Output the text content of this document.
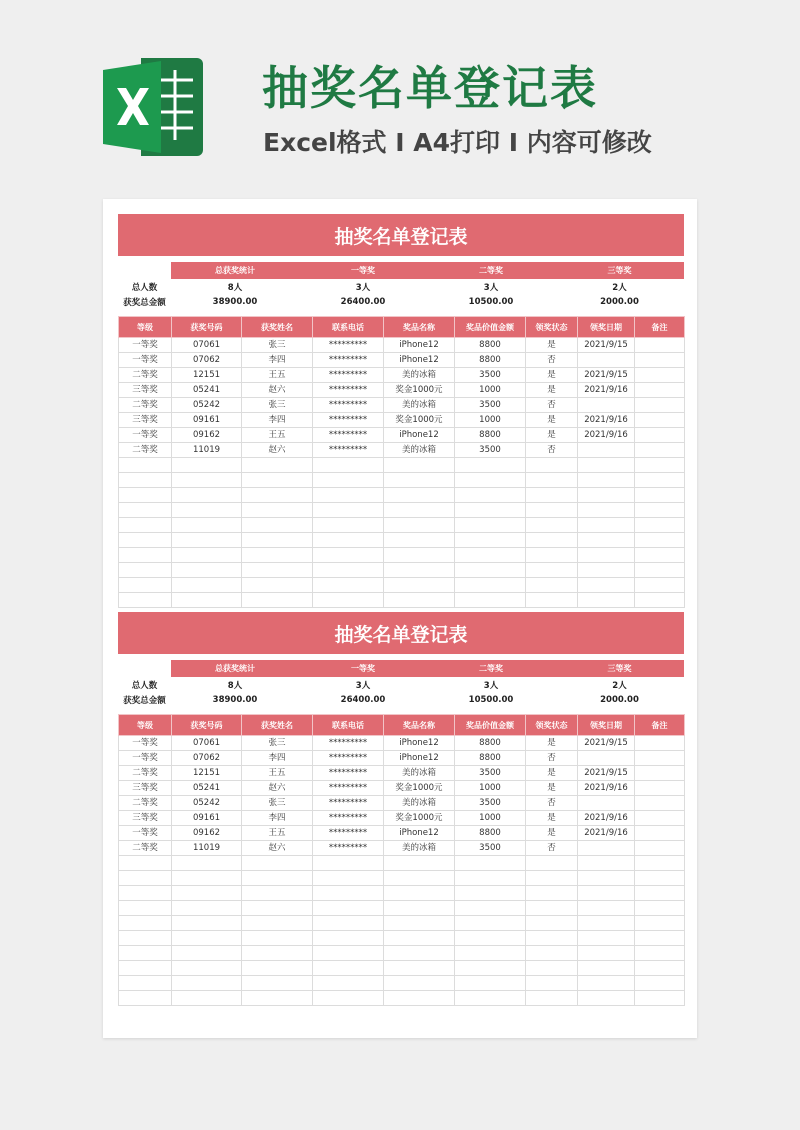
抽奖名单登记表
Excel格式 I A4打印 I 内容可修改
抽奖名单登记表
	总获奖统计	一等奖	二等奖	三等奖
总人数	8人	3人	3人	2人
获奖总金额	38900.00	26400.00	10500.00	2000.00
等级	获奖号码	获奖姓名	联系电话	奖品名称	奖品价值金额	领奖状态	领奖日期	备注
一等奖	07061	张三	*********	iPhone12	8800	是	2021/9/15	
一等奖	07062	李四	*********	iPhone12	8800	否		
二等奖	12151	王五	*********	美的冰箱	3500	是	2021/9/15	
三等奖	05241	赵六	*********	奖金1000元	1000	是	2021/9/16	
二等奖	05242	张三	*********	美的冰箱	3500	否		
三等奖	09161	李四	*********	奖金1000元	1000	是	2021/9/16	
一等奖	09162	王五	*********	iPhone12	8800	是	2021/9/16	
二等奖	11019	赵六	*********	美的冰箱	3500	否		

抽奖名单登记表
	总获奖统计	一等奖	二等奖	三等奖
总人数	8人	3人	3人	2人
获奖总金额	38900.00	26400.00	10500.00	2000.00
等级	获奖号码	获奖姓名	联系电话	奖品名称	奖品价值金额	领奖状态	领奖日期	备注
一等奖	07061	张三	*********	iPhone12	8800	是	2021/9/15	
一等奖	07062	李四	*********	iPhone12	8800	否		
二等奖	12151	王五	*********	美的冰箱	3500	是	2021/9/15	
三等奖	05241	赵六	*********	奖金1000元	1000	是	2021/9/16	
二等奖	05242	张三	*********	美的冰箱	3500	否		
三等奖	09161	李四	*********	奖金1000元	1000	是	2021/9/16	
一等奖	09162	王五	*********	iPhone12	8800	是	2021/9/16	
二等奖	11019	赵六	*********	美的冰箱	3500	否		
